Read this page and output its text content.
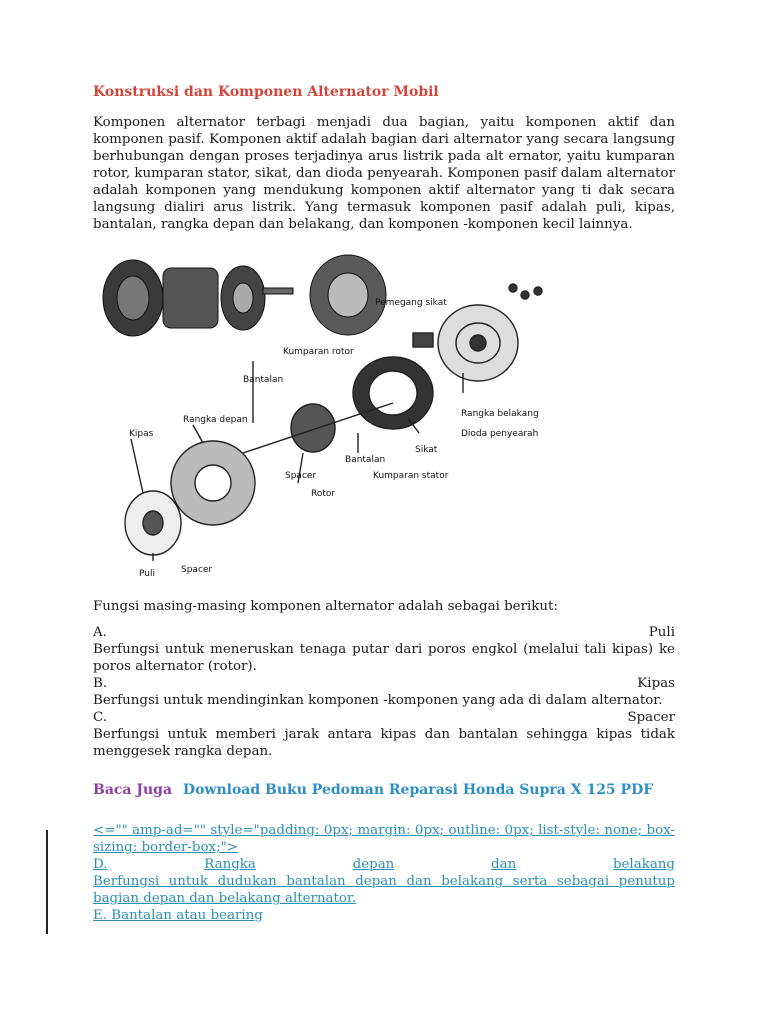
Konstruksi dan Komponen Alternator Mobil

Komponen alternator terbagi menjadi dua bagian, yaitu komponen aktif dan komponen pasif. Komponen aktif adalah bagian dari alternator yang secara langsung berhubungan dengan proses terjadinya arus listrik pada alt ernator, yaitu kumparan rotor, kumparan stator, sikat, dan dioda penyearah. Komponen pasif dalam alternator adalah komponen yang mendukung komponen aktif alternator yang ti dak secara langsung dialiri arus listrik. Yang termasuk komponen pasif adalah puli, kipas, bantalan, rangka depan dan belakang, dan komponen -komponen kecil lainnya.

Kumparan rotor
Pemegang sikat
Bantalan
Rangka depan
Kipas
Rangka belakang
Dioda penyearah
Sikat
Bantalan
Spacer	Kumparan stator
Rotor
Spacer
Puli

Fungsi masing-masing komponen alternator adalah sebagai berikut:

A.	Puli

Berfungsi untuk meneruskan tenaga putar dari poros engkol (melalui tali kipas) ke poros alternator (rotor).

B.	Kipas

Berfungsi untuk mendinginkan komponen -komponen yang ada di dalam alternator.

C.	Spacer

Berfungsi untuk memberi jarak antara kipas dan bantalan sehingga kipas tidak menggesek rangka depan.

Baca Juga Download Buku Pedoman Reparasi Honda Supra X 125 PDF

<="" amp-ad="" style="padding: 0px; margin: 0px; outline: 0px; list-style: none; box-sizing: border-box;">

D.	Rangka	depan	dan	belakang

Berfungsi untuk dudukan bantalan depan dan belakang serta sebagai penutup bagian depan dan belakang alternator.

E. Bantalan atau bearing
